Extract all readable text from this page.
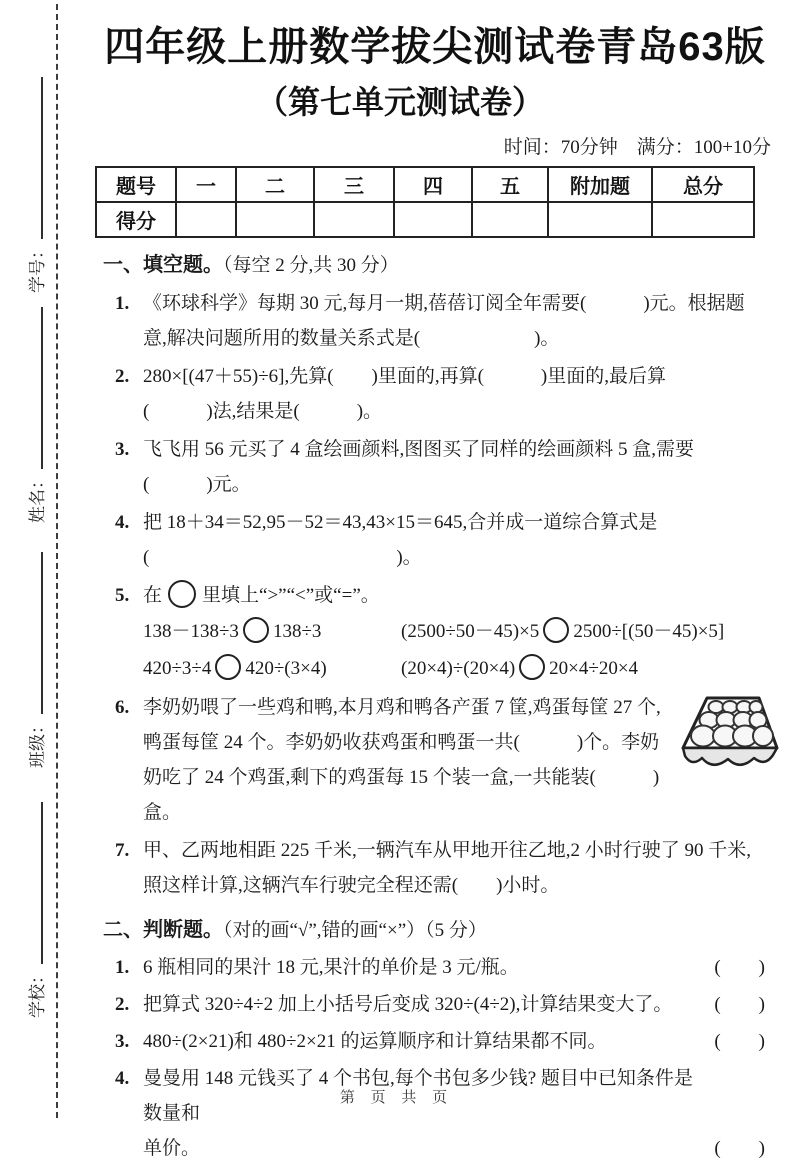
学号：
姓名：
班级：
学校：
四年级上册数学拔尖测试卷青岛63版
（第七单元测试卷）
时间：70分钟　满分：100+10分
题号	一	二	三	四	五	附加题	总分
得分							
一、填空题。（每空 2 分,共 30 分）
1. 《环球科学》每期 30 元,每月一期,蓓蓓订阅全年需要(　　　)元。根据题
意,解决问题所用的数量关系式是(　　　　　　)。
2. 280×[(47＋55)÷6],先算(　　)里面的,再算(　　　)里面的,最后算
(　　　)法,结果是(　　　)。
3. 飞飞用 56 元买了 4 盒绘画颜料,图图买了同样的绘画颜料 5 盒,需要
(　　　)元。
4. 把 18＋34＝52,95－52＝43,43×15＝645,合并成一道综合算式是
(　　　　　　　　　　　　　)。
5. 在 里填上“>”“<”或“=”。
138－138÷3 138÷3	(2500÷50－45)×5 2500÷[(50－45)×5]
420÷3÷4 420÷(3×4)	(20×4)÷(20×4) 20×4÷20×4
6. 李奶奶喂了一些鸡和鸭,本月鸡和鸭各产蛋 7 筐,鸡蛋每筐 27 个,
鸭蛋每筐 24 个。李奶奶收获鸡蛋和鸭蛋一共(　　　)个。李奶
奶吃了 24 个鸡蛋,剩下的鸡蛋每 15 个装一盒,一共能装(　　　)盒。
7. 甲、乙两地相距 225 千米,一辆汽车从甲地开往乙地,2 小时行驶了 90 千米,
照这样计算,这辆汽车行驶完全程还需(　　)小时。
二、判断题。（对的画“√”,错的画“×”）（5 分）
1. 6 瓶相同的果汁 18 元,果汁的单价是 3 元/瓶。	(　　)
2. 把算式 320÷4÷2 加上小括号后变成 320÷(4÷2),计算结果变大了。	(　　)
3. 480÷(2×21)和 480÷2×21 的运算顺序和计算结果都不同。	(　　)
4. 曼曼用 148 元钱买了 4 个书包,每个书包多少钱? 题目中已知条件是数量和
单价。	(　　)
第 页 共 页
